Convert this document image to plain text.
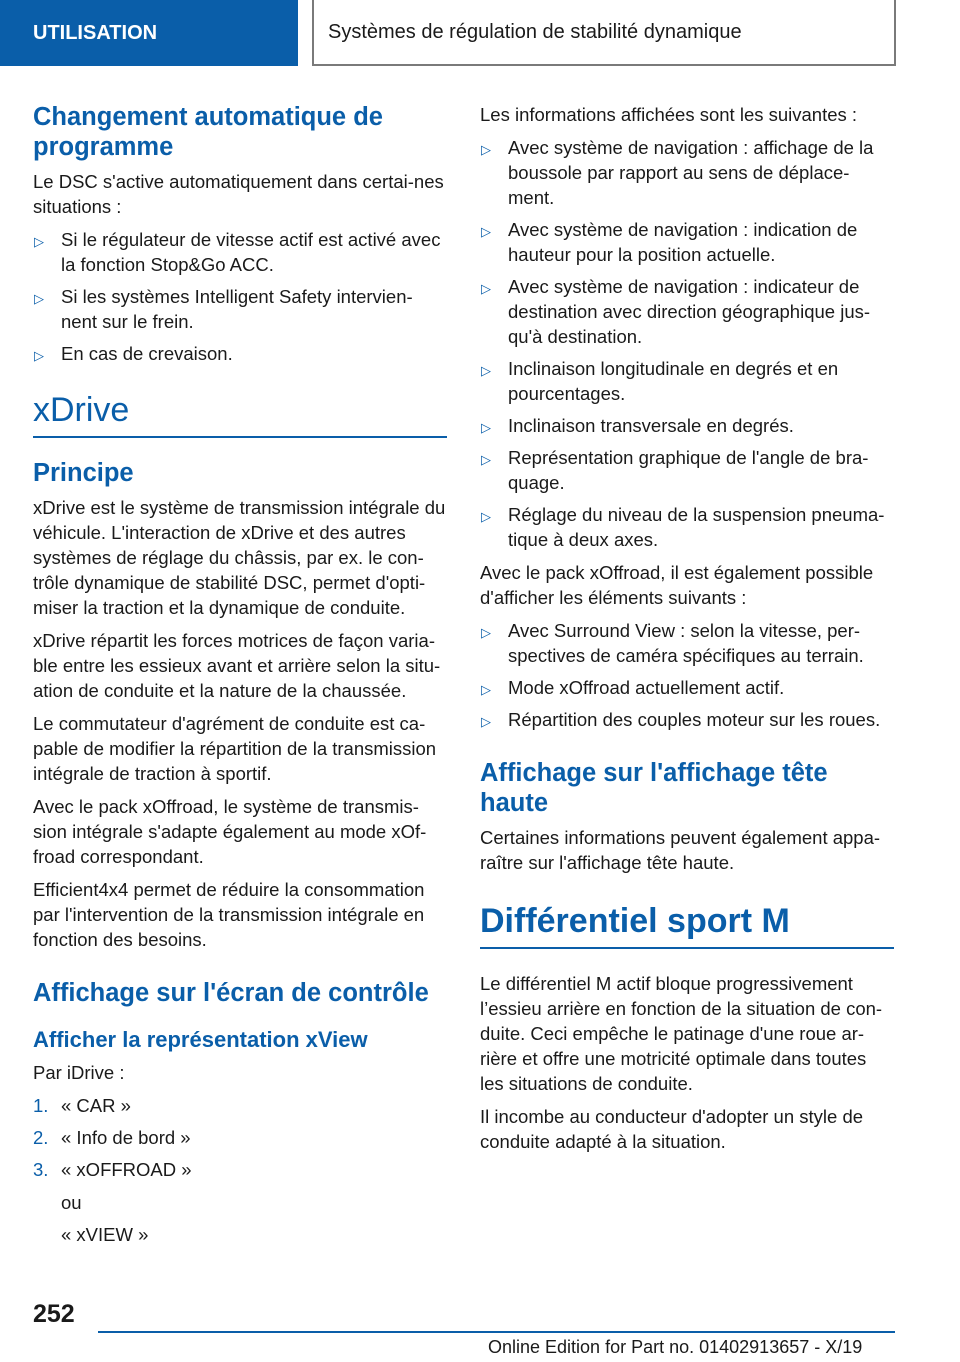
UTILISATION	Systèmes de régulation de stabilité dynamique
Changement automatique de programme

Le DSC s'active automatiquement dans certai-nes situations :

▷ Si le régulateur de vitesse actif est activé avec la fonction Stop&Go ACC.
▷ Si les systèmes Intelligent Safety intervien-nent sur le frein.
▷ En cas de crevaison.
xDrive
Principe

xDrive est le système de transmission intégrale du véhicule. L'interaction de xDrive et des autres systèmes de réglage du châssis, par ex. le con-trôle dynamique de stabilité DSC, permet d'opti-miser la traction et la dynamique de conduite.

xDrive répartit les forces motrices de façon varia-ble entre les essieux avant et arrière selon la situ-ation de conduite et la nature de la chaussée.

Le commutateur d'agrément de conduite est ca-pable de modifier la répartition de la transmission intégrale de traction à sportif.

Avec le pack xOffroad, le système de transmis-sion intégrale s'adapte également au mode xOf-froad correspondant.

Efficient4x4 permet de réduire la consommation par l'intervention de la transmission intégrale en fonction des besoins.

Affichage sur l'écran de contrôle
Afficher la représentation xView

Par iDrive :

1. « CAR »
2. « Info de bord »
3. « xOFFROAD »
ou
« xVIEW »

Les informations affichées sont les suivantes :

▷ Avec système de navigation : affichage de la boussole par rapport au sens de déplace-ment.
▷ Avec système de navigation : indication de hauteur pour la position actuelle.
▷ Avec système de navigation : indicateur de destination avec direction géographique jus-qu'à destination.
▷ Inclinaison longitudinale en degrés et en pourcentages.
▷ Inclinaison transversale en degrés.
▷ Représentation graphique de l'angle de bra-quage.
▷ Réglage du niveau de la suspension pneuma-tique à deux axes.

Avec le pack xOffroad, il est également possible d'afficher les éléments suivants :

▷ Avec Surround View : selon la vitesse, per-spectives de caméra spécifiques au terrain.
▷ Mode xOffroad actuellement actif.
▷ Répartition des couples moteur sur les roues.
Affichage sur l'affichage tête haute

Certaines informations peuvent également appa-raître sur l'affichage tête haute.

Différentiel sport M

Le différentiel M actif bloque progressivement l’essieu arrière en fonction de la situation de con-duite. Ceci empêche le patinage d'une roue ar-rière et offre une motricité optimale dans toutes les situations de conduite.

Il incombe au conducteur d'adopter un style de conduite adapté à la situation.

252
Online Edition for Part no. 01402913657 - X/19
